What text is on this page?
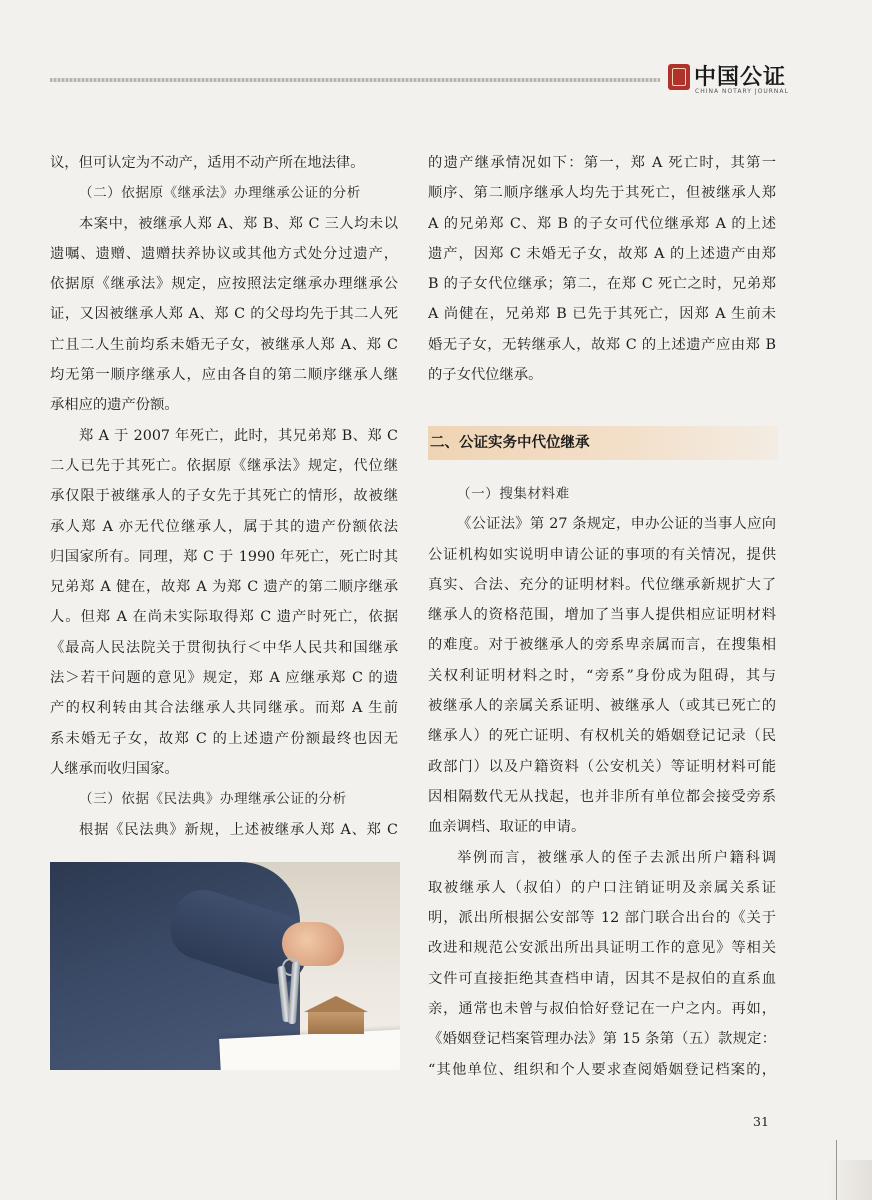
中国公证
CHINA NOTARY JOURNAL
议，但可认定为不动产，适用不动产所在地法律。
（二）依据原《继承法》办理继承公证的分析
本案中，被继承人郑 A、郑 B、郑 C 三人均未以
遗嘱、遗赠、遗赠扶养协议或其他方式处分过遗产，
依据原《继承法》规定，应按照法定继承办理继承公
证，又因被继承人郑 A、郑 C 的父母均先于其二人死
亡且二人生前均系未婚无子女，被继承人郑 A、郑 C
均无第一顺序继承人，应由各自的第二顺序继承人继
承相应的遗产份额。
郑 A 于 2007 年死亡，此时，其兄弟郑 B、郑 C
二人已先于其死亡。依据原《继承法》规定，代位继
承仅限于被继承人的子女先于其死亡的情形，故被继
承人郑 A 亦无代位继承人，属于其的遗产份额依法
归国家所有。同理，郑 C 于 1990 年死亡，死亡时其
兄弟郑 A 健在，故郑 A 为郑 C 遗产的第二顺序继承
人。但郑 A 在尚未实际取得郑 C 遗产时死亡，依据
《最高人民法院关于贯彻执行＜中华人民共和国继承
法＞若干问题的意见》规定，郑 A 应继承郑 C 的遗
产的权利转由其合法继承人共同继承。而郑 A 生前
系未婚无子女，故郑 C 的上述遗产份额最终也因无
人继承而收归国家。
（三）依据《民法典》办理继承公证的分析
根据《民法典》新规，上述被继承人郑 A、郑 C
的遗产继承情况如下：第一，郑 A 死亡时，其第一
顺序、第二顺序继承人均先于其死亡，但被继承人郑
A 的兄弟郑 C、郑 B 的子女可代位继承郑 A 的上述
遗产，因郑 C 未婚无子女，故郑 A 的上述遗产由郑
B 的子女代位继承；第二，在郑 C 死亡之时，兄弟郑
A 尚健在，兄弟郑 B 已先于其死亡，因郑 A 生前未
婚无子女，无转继承人，故郑 C 的上述遗产应由郑 B
的子女代位继承。
二、公证实务中代位继承
（一）搜集材料难
《公证法》第 27 条规定，申办公证的当事人应向
公证机构如实说明申请公证的事项的有关情况，提供
真实、合法、充分的证明材料。代位继承新规扩大了
继承人的资格范围，增加了当事人提供相应证明材料
的难度。对于被继承人的旁系卑亲属而言，在搜集相
关权利证明材料之时，“旁系”身份成为阻碍，其与
被继承人的亲属关系证明、被继承人（或其已死亡的
继承人）的死亡证明、有权机关的婚姻登记记录（民
政部门）以及户籍资料（公安机关）等证明材料可能
因相隔数代无从找起，也并非所有单位都会接受旁系
血亲调档、取证的申请。
举例而言，被继承人的侄子去派出所户籍科调
取被继承人（叔伯）的户口注销证明及亲属关系证
明，派出所根据公安部等 12 部门联合出台的《关于
改进和规范公安派出所出具证明工作的意见》等相关
文件可直接拒绝其查档申请，因其不是叔伯的直系血
亲，通常也未曾与叔伯恰好登记在一户之内。再如，
《婚姻登记档案管理办法》第 15 条第（五）款规定：
“其他单位、组织和个人要求查阅婚姻登记档案的，
31
